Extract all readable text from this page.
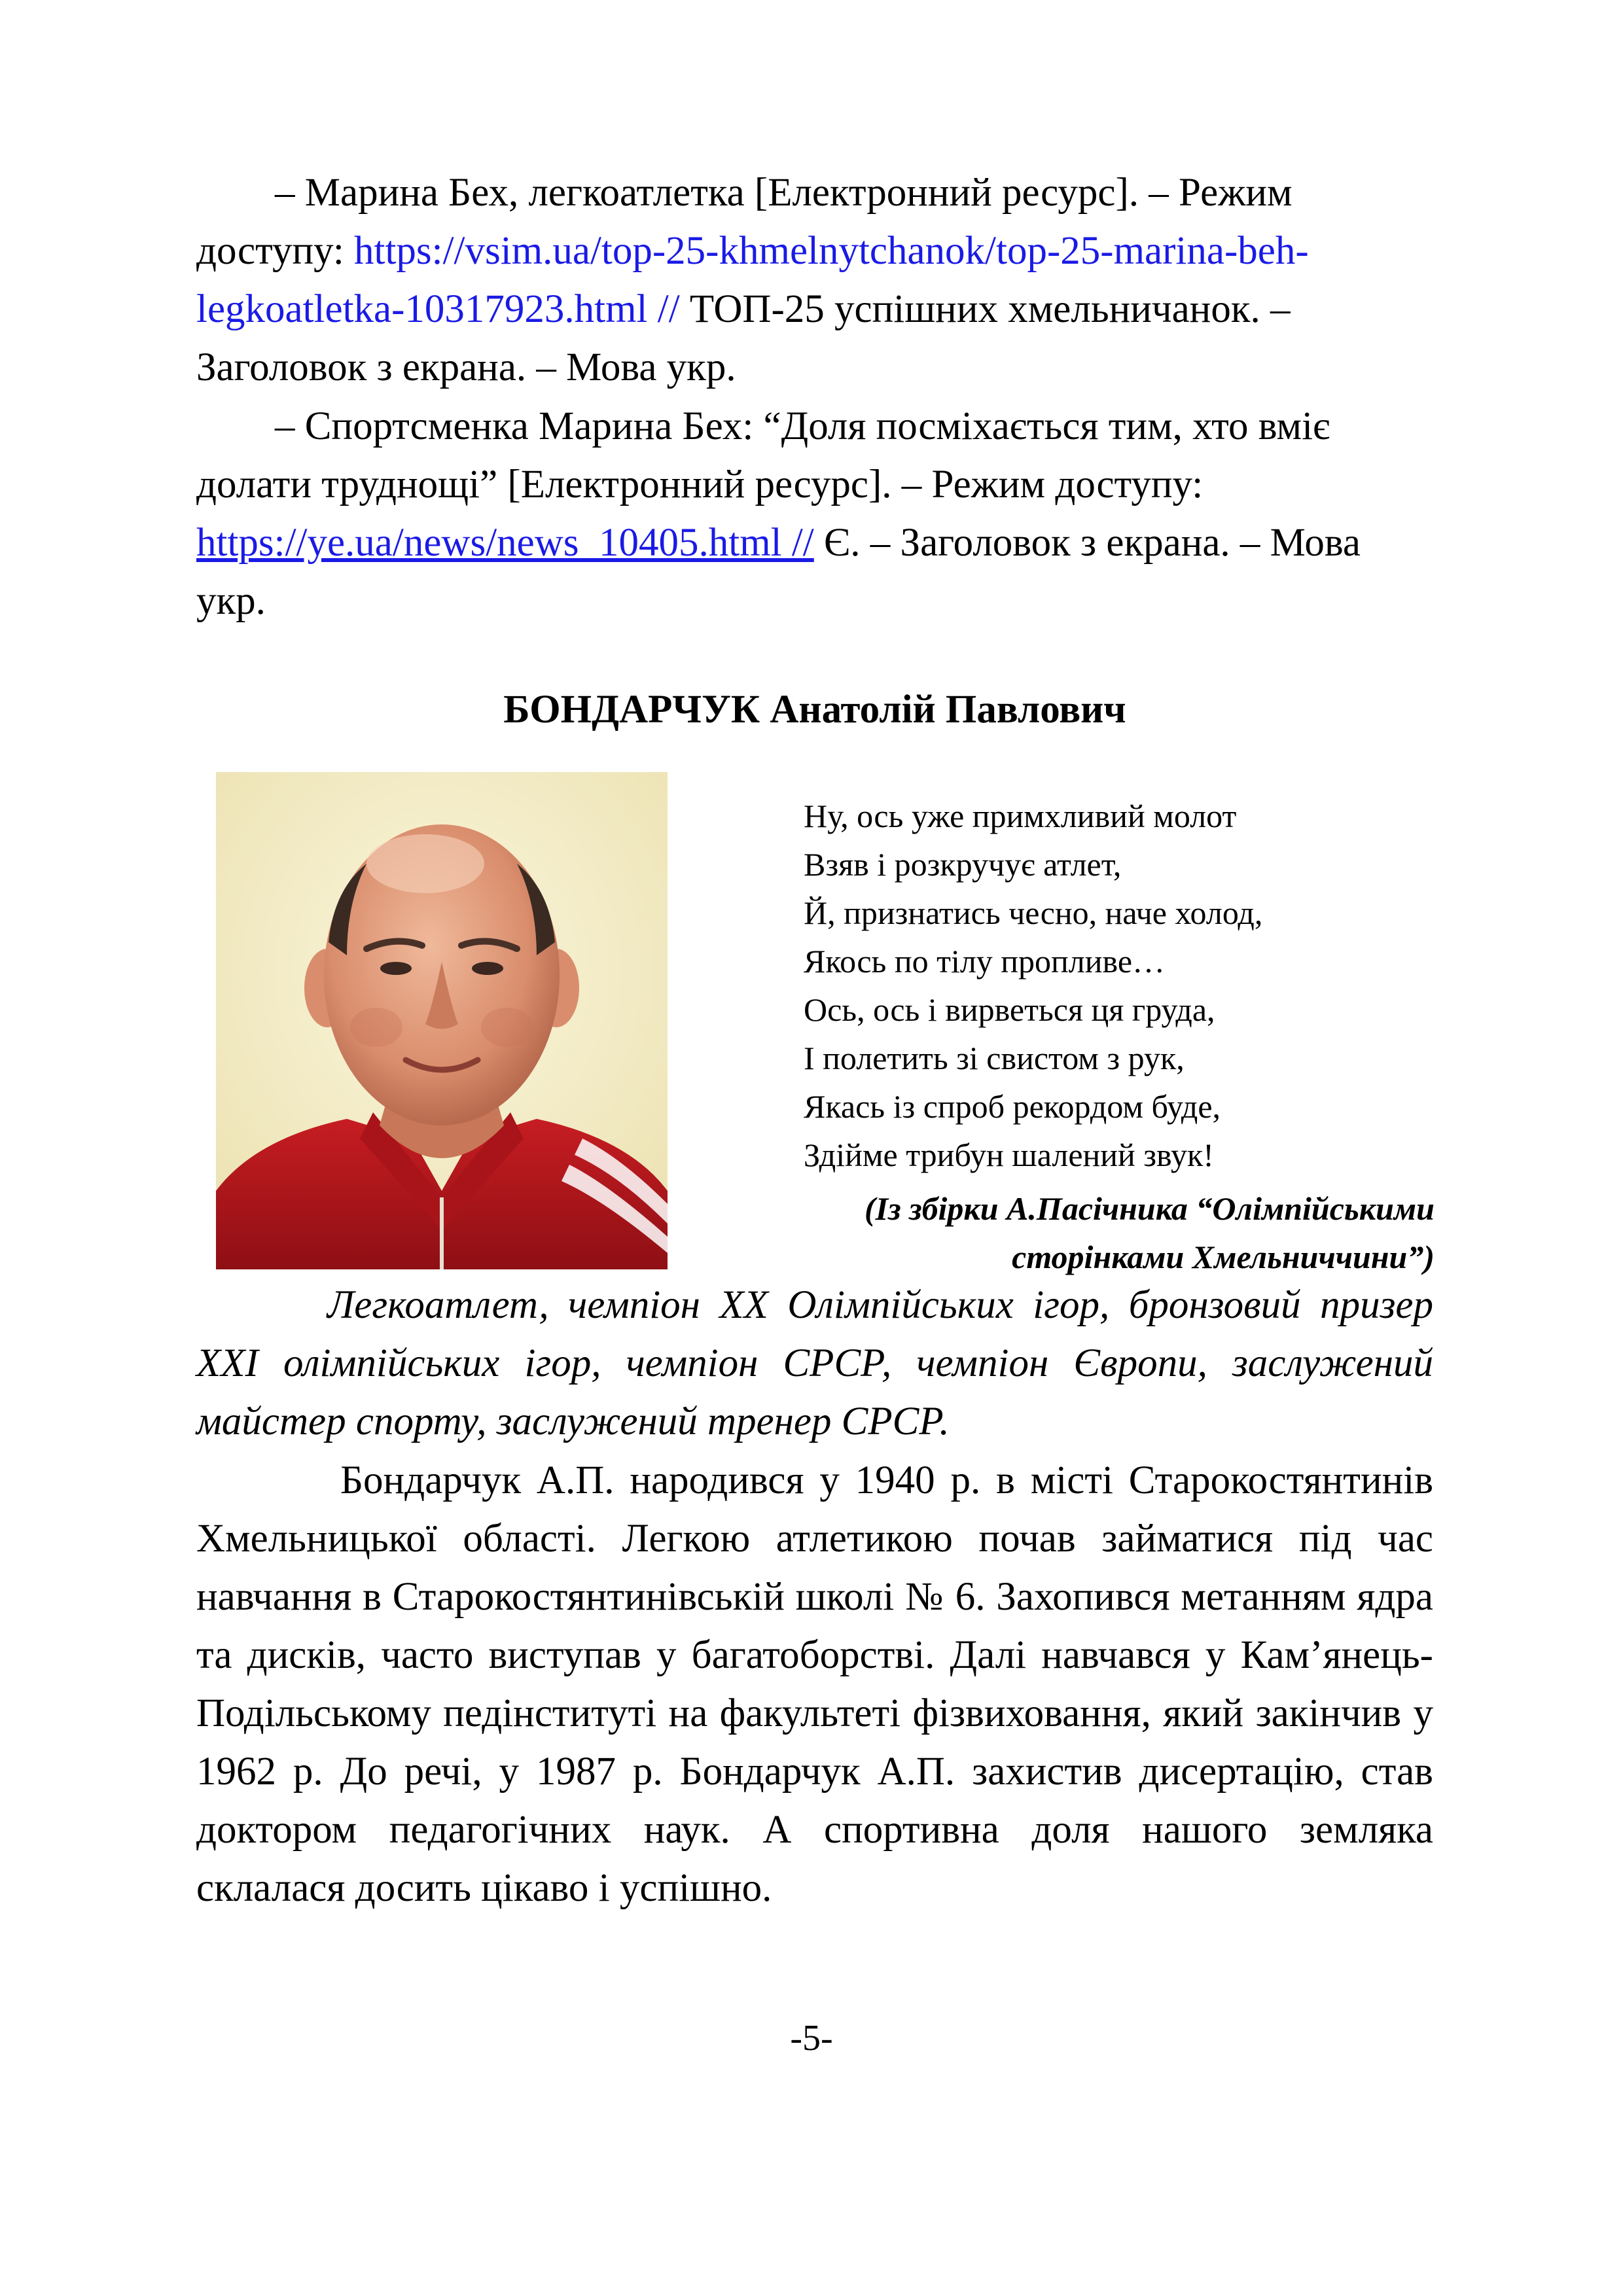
– Марина Бех, легкоатлетка [Електронний ресурс]. – Режим доступу: https://vsim.ua/top-25-khmelnytchanok/top-25-marina-beh-legkoatletka-10317923.html // ТОП-25 успішних хмельничанок. – Заголовок з екрана. – Мова укр.

– Спортсменка Марина Бех: “Доля посміхається тим, хто вміє долати труднощі” [Електронний ресурс]. – Режим доступу: https://ye.ua/news/news_10405.html // Є. – Заголовок з екрана. – Мова укр.

БОНДАРЧУК Анатолій Павлович
Ну, ось уже примхливий молот
Взяв і розкручує атлет,
Й, признатись чесно, наче холод,
Якось по тілу пропливе…
Ось, ось і вирветься ця груда,
І полетить зі свистом з рук,
Якась із спроб рекордом буде,
Здійме трибун шалений звук!

(Із збірки А.Пасічника “Олімпійськими сторінками Хмельниччини”)

Легкоатлет, чемпіон XX Олімпійських ігор, бронзовий призер XXI олімпійських ігор, чемпіон СРСР, чемпіон Європи, заслужений майстер спорту, заслужений тренер СРСР.

Бондарчук А.П. народився у 1940 р. в місті Старокостянтинів Хмельницької області. Легкою атлетикою почав займатися під час навчання в Старокостянтинівській школі № 6. Захопився метанням ядра та дисків, часто виступав у багатоборстві. Далі навчався у Кам’янець-Подільському педінституті на факультеті фізвиховання, який закінчив у 1962 р. До речі, у 1987 р. Бондарчук А.П. захистив дисертацію, став доктором педагогічних наук. А спортивна доля нашого земляка склалася досить цікаво і успішно.

-5-
